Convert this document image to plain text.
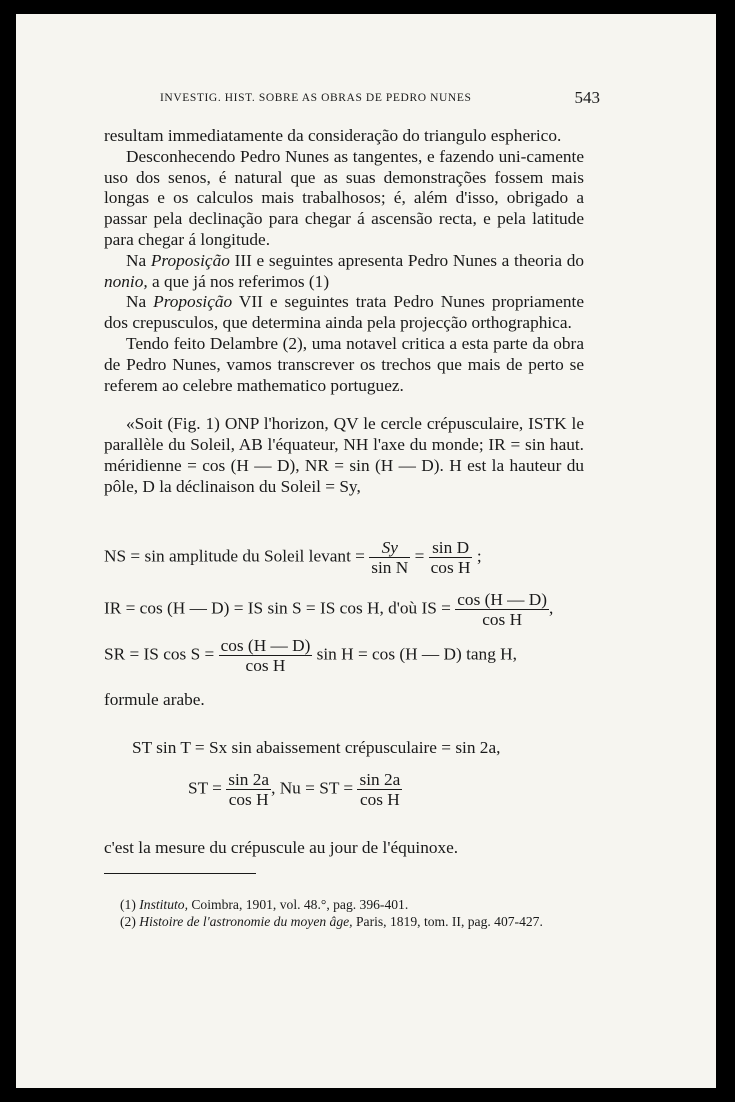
INVESTIG. HIST. SOBRE AS OBRAS DE PEDRO NUNES	543

resultam immediatamente da consideração do triangulo espherico.

Desconhecendo Pedro Nunes as tangentes, e fazendo uni-camente uso dos senos, é natural que as suas demonstrações fossem mais longas e os calculos mais trabalhosos; é, além d'isso, obrigado a passar pela declinação para chegar á ascensão recta, e pela latitude para chegar á longitude.

Na Proposição III e seguintes apresenta Pedro Nunes a theoria do nonio, a que já nos referimos (1)

Na Proposição VII e seguintes trata Pedro Nunes propriamente dos crepusculos, que determina ainda pela projecção orthographica.

Tendo feito Delambre (2), uma notavel critica a esta parte da obra de Pedro Nunes, vamos transcrever os trechos que mais de perto se referem ao celebre mathematico portuguez.

«Soit (Fig. 1) ONP l'horizon, QV le cercle crépusculaire, ISTK le parallèle du Soleil, AB l'équateur, NH l'axe du monde; IR = sin haut. méridienne = cos (H — D), NR = sin (H — D). H est la hauteur du pôle, D la déclinaison du Soleil = Sy,

NS = sin amplitude du Soleil levant = $\frac{Sy}{\text{sin N}} = \frac{\text{sin D}}{\text{cos H}}$ ;
IR = cos (H — D) = IS sin S = IS cos H, d'où IS = $\frac{\cos (H — D)}{\text{cos H}}$ ,
SR = IS $\cos S = \frac{\cos (H — D)}{\text{cos H}}$ sin H = cos (H — D) tang H,
formule arabe.
ST sin T = Sx sin abaissement crépusculaire = sin 2a,
ST = $\frac{\sin 2a}{\text{cos H}}$ , Nu = ST = $\frac{\sin 2a}{\text{cos H}}$
c'est la mesure du crépuscule au jour de l'équinoxe.

(1) Instituto, Coimbra, 1901, vol. 48.°, pag. 396-401.

(2) Histoire de l'astronomie du moyen âge, Paris, 1819, tom. II, pag. 407-427.
